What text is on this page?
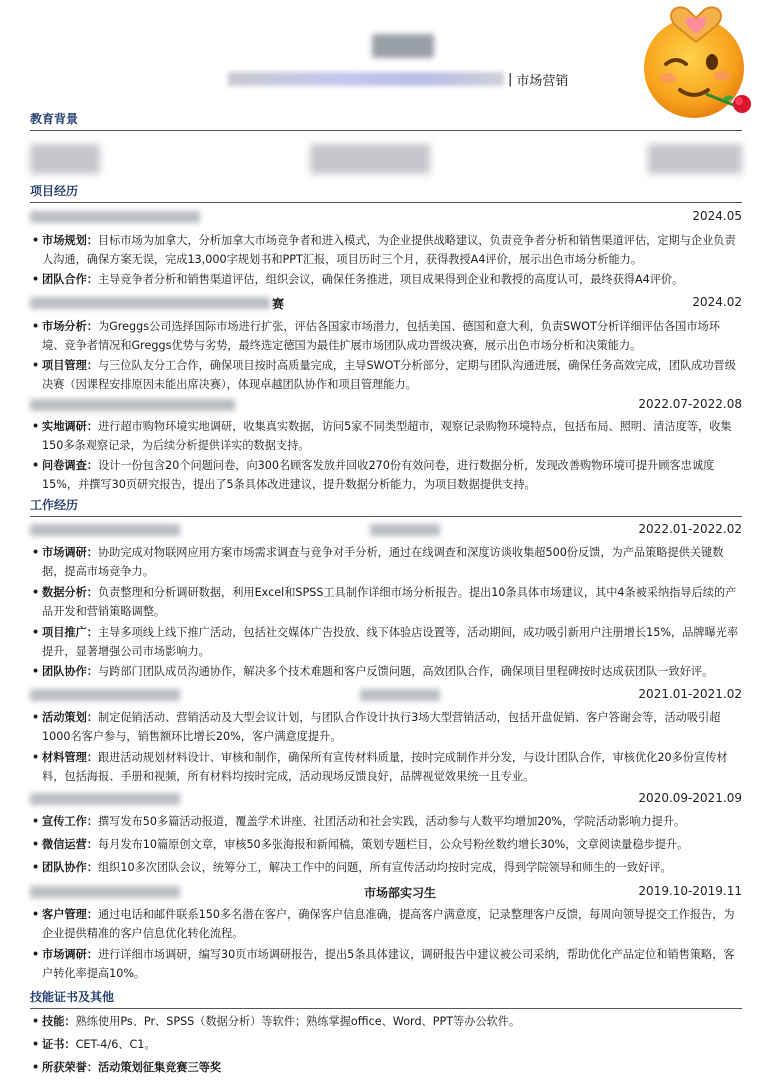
| 市场营销
教育背景
项目经历
2024.05
• 市场规划：目标市场为加拿大，分析加拿大市场竞争者和进入模式，为企业提供战略建议，负责竞争者分析和销售渠道评估，定期与企业负责人沟通，确保方案无误，完成13,000字规划书和PPT汇报，项目历时三个月，获得教授A4评价，展示出色市场分析能力。
• 团队合作：主导竞争者分析和销售渠道评估，组织会议，确保任务推进，项目成果得到企业和教授的高度认可，最终获得A4评价。
赛	2024.02
• 市场分析：为Greggs公司选择国际市场进行扩张，评估各国家市场潜力，包括美国、德国和意大利，负责SWOT分析详细评估各国市场环境、竞争者情况和Greggs优势与劣势，最终选定德国为最佳扩展市场团队成功晋级决赛，展示出色市场分析和决策能力。
• 项目管理：与三位队友分工合作，确保项目按时高质量完成，主导SWOT分析部分，定期与团队沟通进展，确保任务高效完成，团队成功晋级决赛（因课程安排原因未能出席决赛），体现卓越团队协作和项目管理能力。
2022.07-2022.08
• 实地调研：进行超市购物环境实地调研，收集真实数据，访问5家不同类型超市，观察记录购物环境特点，包括布局、照明、清洁度等，收集150多条观察记录，为后续分析提供详实的数据支持。
• 问卷调查：设计一份包含20个问题问卷，向300名顾客发放并回收270份有效问卷，进行数据分析，发现改善购物环境可提升顾客忠诚度15%，并撰写30页研究报告，提出了5条具体改进建议，提升数据分析能力，为项目数据提供支持。
工作经历
2022.01-2022.02
• 市场调研：协助完成对物联网应用方案市场需求调查与竞争对手分析，通过在线调查和深度访谈收集超500份反馈，为产品策略提供关键数据，提高市场竞争力。
• 数据分析：负责整理和分析调研数据，利用Excel和SPSS工具制作详细市场分析报告。提出10条具体市场建议，其中4条被采纳指导后续的产品开发和营销策略调整。
• 项目推广：主导多项线上线下推广活动，包括社交媒体广告投放、线下体验店设置等，活动期间，成功吸引新用户注册增长15%，品牌曝光率提升，显著增强公司市场影响力。
• 团队协作：与跨部门团队成员沟通协作，解决多个技术难题和客户反馈问题，高效团队合作，确保项目里程碑按时达成获团队一致好评。
2021.01-2021.02
• 活动策划：制定促销活动、营销活动及大型会议计划，与团队合作设计执行3场大型营销活动，包括开盘促销、客户答谢会等，活动吸引超1000名客户参与，销售额环比增长20%，客户满意度提升。
• 材料管理：跟进活动规划材料设计、审核和制作，确保所有宣传材料质量，按时完成制作并分发，与设计团队合作，审核优化20多份宣传材料，包括海报、手册和视频，所有材料均按时完成，活动现场反馈良好，品牌视觉效果统一且专业。
2020.09-2021.09
• 宣传工作：撰写发布50多篇活动报道，覆盖学术讲座、社团活动和社会实践，活动参与人数平均增加20%，学院活动影响力提升。
• 微信运营：每月发布10篇原创文章，审核50多张海报和新闻稿，策划专题栏目，公众号粉丝数约增长30%，文章阅读量稳步提升。
• 团队协作：组织10多次团队会议，统筹分工，解决工作中的问题，所有宣传活动均按时完成，得到学院领导和师生的一致好评。
市场部实习生	2019.10-2019.11
• 客户管理：通过电话和邮件联系150多名潜在客户，确保客户信息准确，提高客户满意度，记录整理客户反馈，每周向领导提交工作报告，为企业提供精准的客户信息优化转化流程。
• 市场调研：进行详细市场调研，编写30页市场调研报告，提出5条具体建议，调研报告中建议被公司采纳，帮助优化产品定位和销售策略，客户转化率提高10%。
技能证书及其他
• 技能：熟练使用Ps、Pr、SPSS（数据分析）等软件；熟练掌握office、Word、PPT等办公软件。
• 证书：CET-4/6、C1。
• 所获荣誉：活动策划征集竞赛三等奖
